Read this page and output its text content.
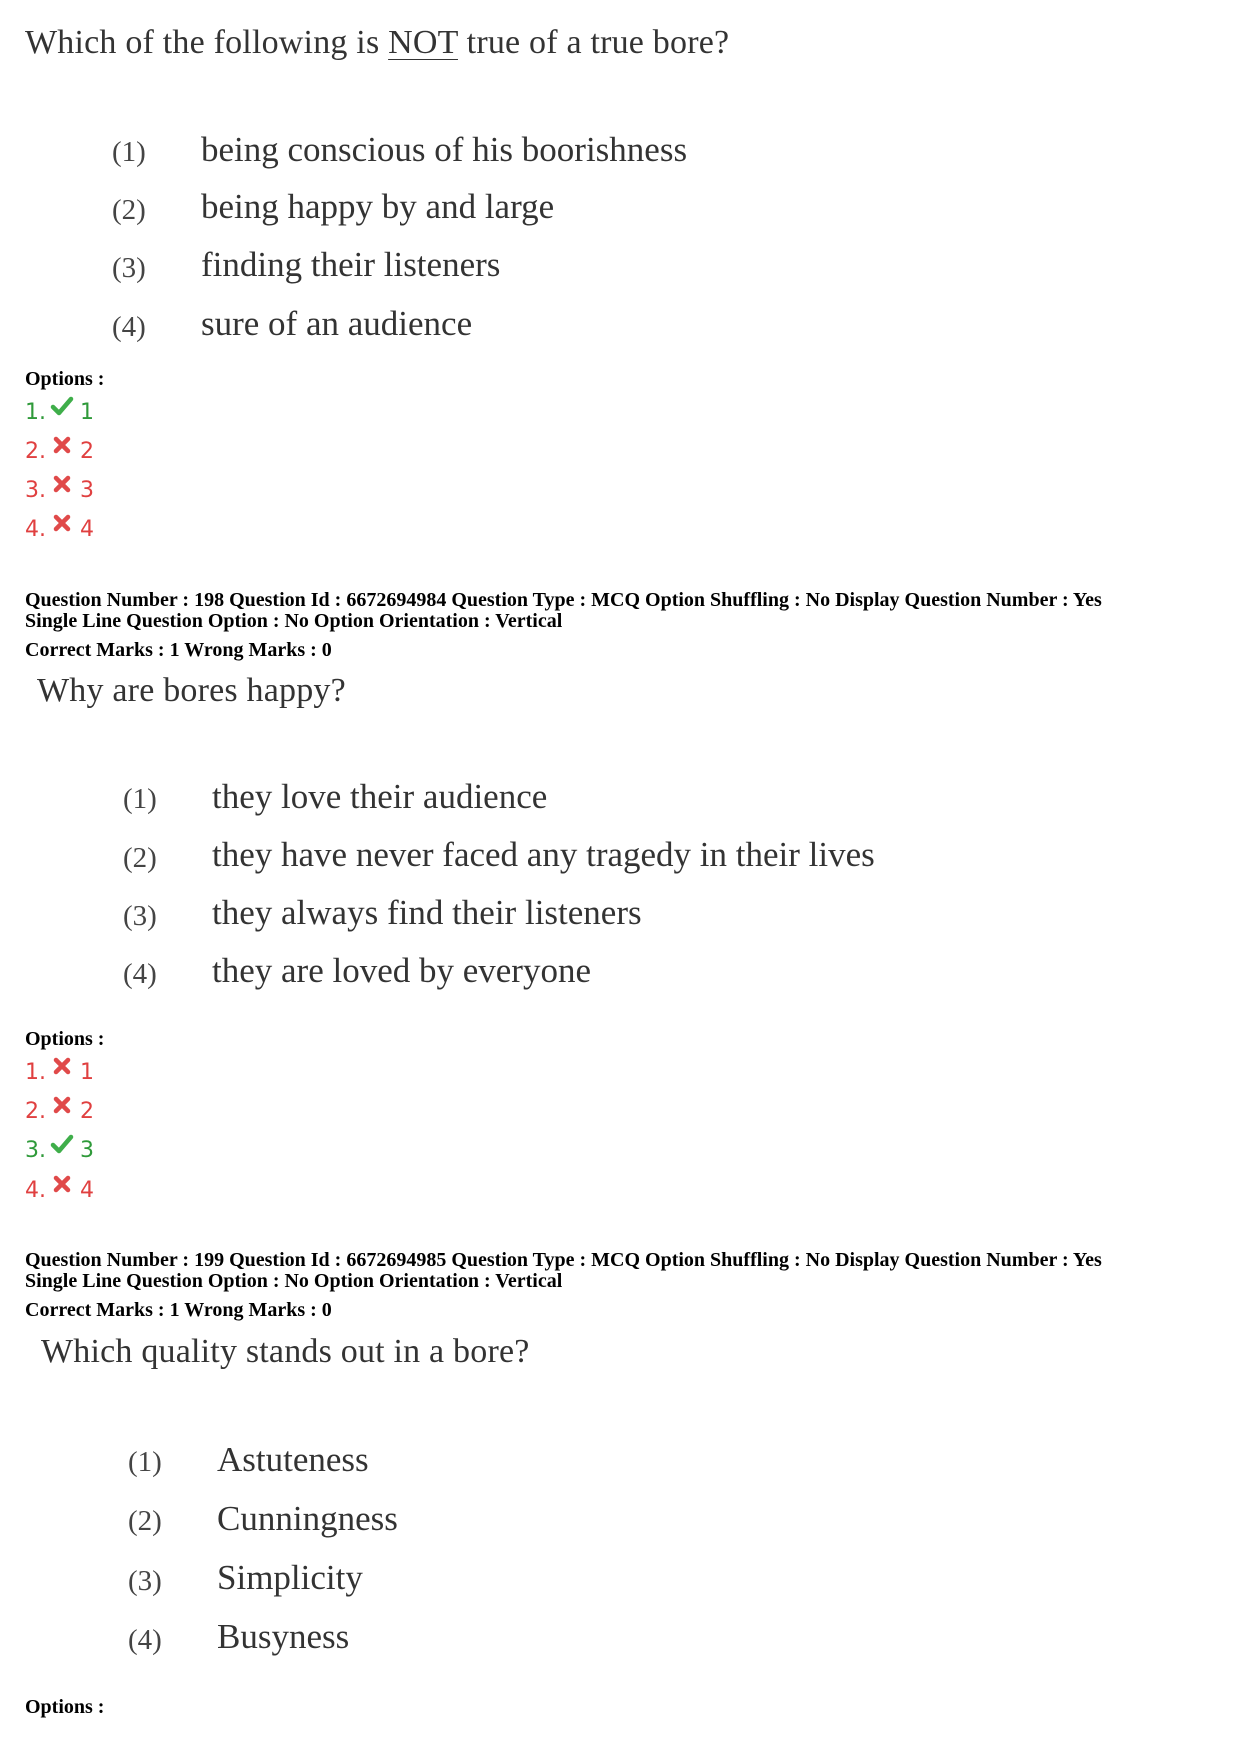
Which of the following is NOT true of a true bore?
(1) being conscious of his boorishness
(2) being happy by and large
(3) finding their listeners
(4) sure of an audience
Options :
1. 1
2. 2
3. 3
4. 4
Question Number : 198 Question Id : 6672694984 Question Type : MCQ Option Shuffling : No Display Question Number : Yes
Single Line Question Option : No Option Orientation : Vertical
Correct Marks : 1 Wrong Marks : 0
Why are bores happy?
(1) they love their audience
(2) they have never faced any tragedy in their lives
(3) they always find their listeners
(4) they are loved by everyone
Options :
1. 1
2. 2
3. 3
4. 4
Question Number : 199 Question Id : 6672694985 Question Type : MCQ Option Shuffling : No Display Question Number : Yes
Single Line Question Option : No Option Orientation : Vertical
Correct Marks : 1 Wrong Marks : 0
Which quality stands out in a bore?
(1) Astuteness
(2) Cunningness
(3) Simplicity
(4) Busyness
Options :
